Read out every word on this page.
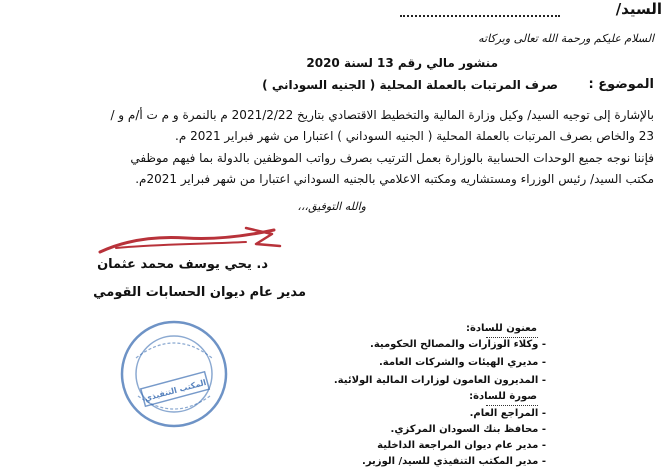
السيد/
السلام عليكم ورحمة الله تعالى وبركاته
منشور مالي رقم 13 لسنة 2020
الموضوع :
صرف المرتبات بالعملة المحلية ( الجنيه السوداني )
بالإشارة إلى توجيه السيد/ وكيل وزارة المالية والتخطيط الاقتصادي بتاريخ 2021/2/22 م بالنمرة و م ت أ/م و /
23 والخاص بصرف المرتبات بالعملة المحلية ( الجنيه السوداني ) اعتبارا من شهر فبراير 2021 م.
فإننا نوجه جميع الوحدات الحسابية بالوزارة بعمل الترتيب بصرف رواتب الموظفين بالدولة بما فيهم موظفي
مكتب السيد/ رئيس الوزراء ومستشاريه ومكتبه الاعلامي بالجنيه السوداني اعتبارا من شهر فبراير 2021م.
والله التوفيق،،،
د. يحي يوسف محمد عثمان
مدير عام ديوان الحسابات القومي
المكتب التنفيذي
معنون للسادة:
- وكلاء الوزارات والمصالح الحكومية.
- مديري الهيئات والشركات العامة.
- المديرون العامون لوزارات المالية الولائية.
صورة للسادة:
- المراجع العام.
- محافظ بنك السودان المركزي.
- مدير عام ديوان المراجعة الداخلية
- مدير المكتب التنفيذي للسيد/ الوزير.
